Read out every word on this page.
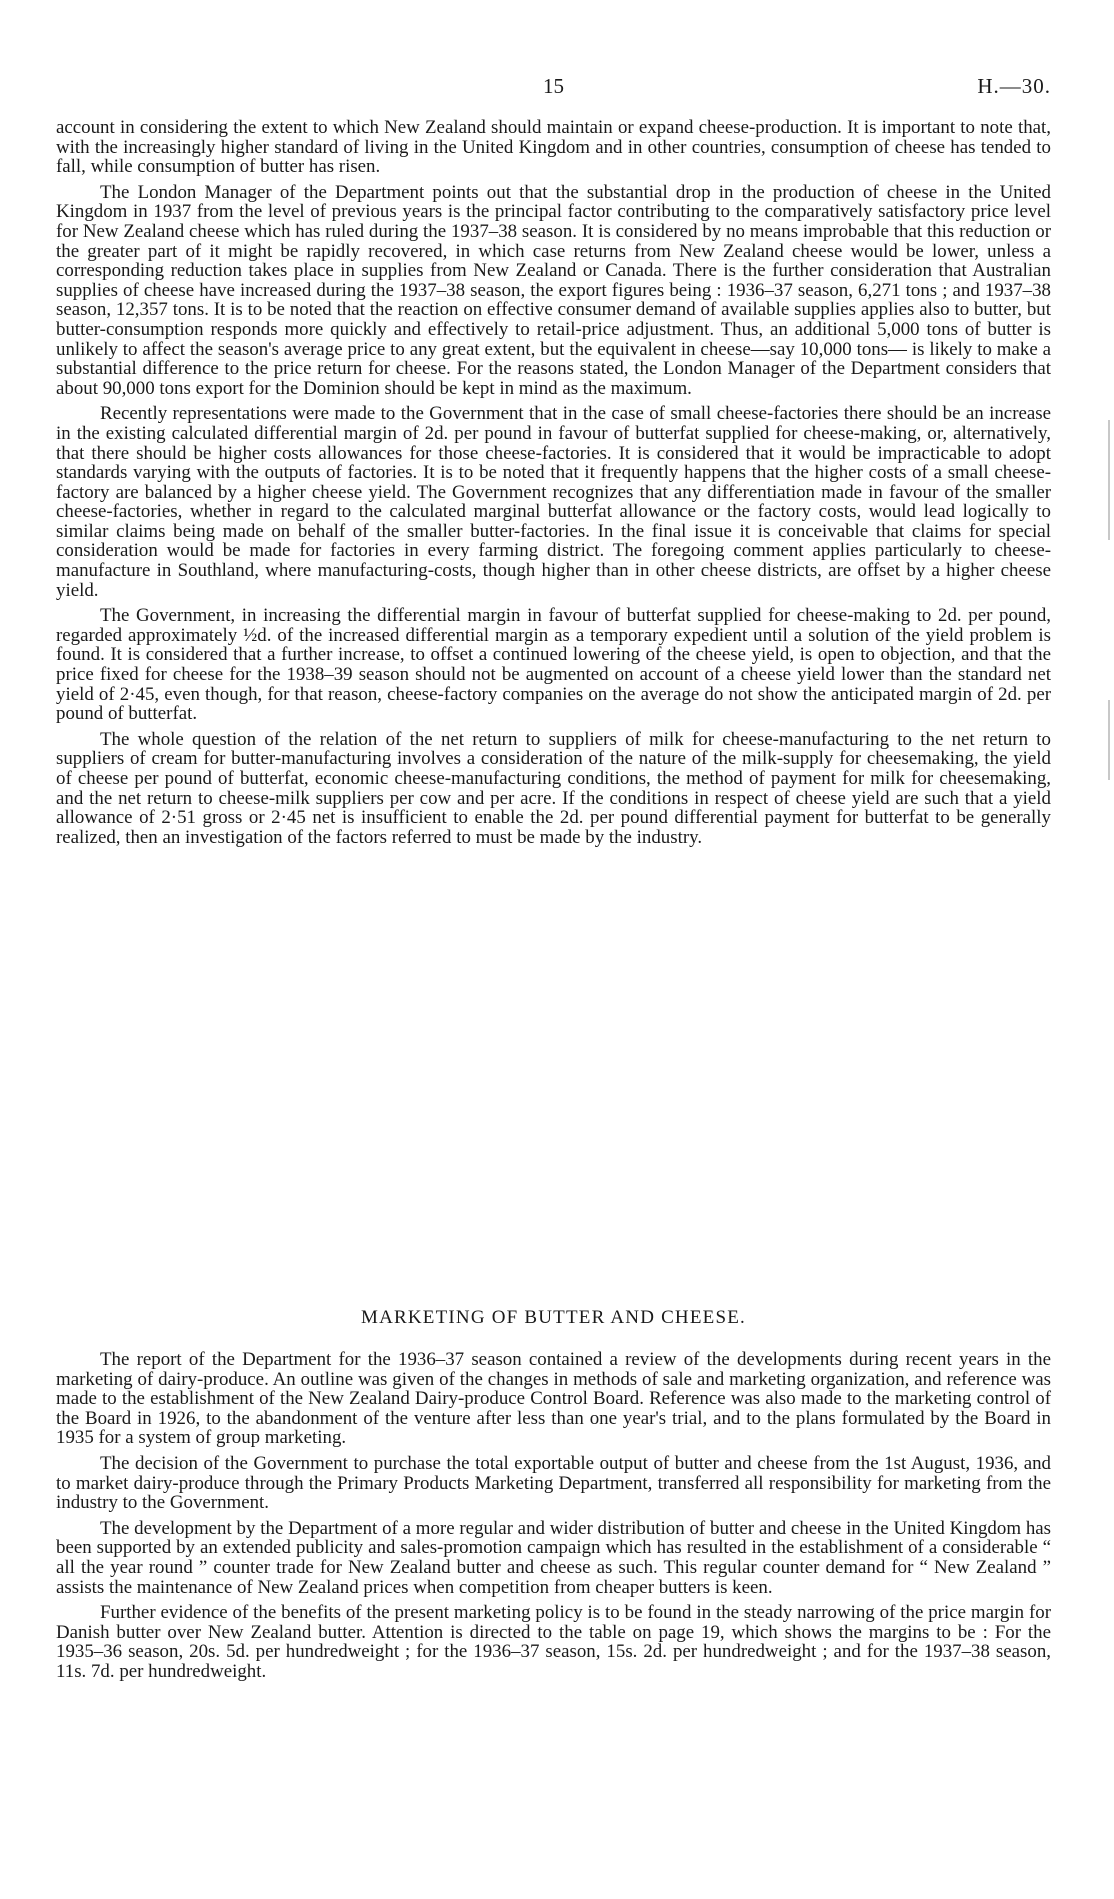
15	H.—30.

account in considering the extent to which New Zealand should maintain or expand cheese-production. It is important to note that, with the increasingly higher standard of living in the United Kingdom and in other countries, consumption of cheese has tended to fall, while consumption of butter has risen.

The London Manager of the Department points out that the substantial drop in the production of cheese in the United Kingdom in 1937 from the level of previous years is the principal factor contributing to the comparatively satisfactory price level for New Zealand cheese which has ruled during the 1937–38 season. It is considered by no means improbable that this reduction or the greater part of it might be rapidly recovered, in which case returns from New Zealand cheese would be lower, unless a corresponding reduction takes place in supplies from New Zealand or Canada. There is the further consideration that Australian supplies of cheese have increased during the 1937–38 season, the export figures being : 1936–37 season, 6,271 tons ; and 1937–38 season, 12,357 tons. It is to be noted that the reaction on effective consumer demand of available supplies applies also to butter, but butter-consumption responds more quickly and effectively to retail-price adjustment. Thus, an additional 5,000 tons of butter is unlikely to affect the season's average price to any great extent, but the equivalent in cheese—say 10,000 tons— is likely to make a substantial difference to the price return for cheese. For the reasons stated, the London Manager of the Department considers that about 90,000 tons export for the Dominion should be kept in mind as the maximum.

Recently representations were made to the Government that in the case of small cheese-factories there should be an increase in the existing calculated differential margin of 2d. per pound in favour of butterfat supplied for cheese-making, or, alternatively, that there should be higher costs allowances for those cheese-factories. It is considered that it would be impracticable to adopt standards varying with the outputs of factories. It is to be noted that it frequently happens that the higher costs of a small cheese-factory are balanced by a higher cheese yield. The Government recognizes that any differentiation made in favour of the smaller cheese-factories, whether in regard to the calculated marginal butterfat allowance or the factory costs, would lead logically to similar claims being made on behalf of the smaller butter-factories. In the final issue it is conceivable that claims for special consideration would be made for factories in every farming district. The foregoing comment applies particularly to cheese-manufacture in Southland, where manufacturing-costs, though higher than in other cheese districts, are offset by a higher cheese yield.

The Government, in increasing the differential margin in favour of butterfat supplied for cheese-making to 2d. per pound, regarded approximately ½d. of the increased differential margin as a temporary expedient until a solution of the yield problem is found. It is considered that a further increase, to offset a continued lowering of the cheese yield, is open to objection, and that the price fixed for cheese for the 1938–39 season should not be augmented on account of a cheese yield lower than the standard net yield of 2·45, even though, for that reason, cheese-factory companies on the average do not show the anticipated margin of 2d. per pound of butterfat.

The whole question of the relation of the net return to suppliers of milk for cheese-manufacturing to the net return to suppliers of cream for butter-manufacturing involves a consideration of the nature of the milk-supply for cheesemaking, the yield of cheese per pound of butterfat, economic cheese-manufacturing conditions, the method of payment for milk for cheesemaking, and the net return to cheese-milk suppliers per cow and per acre. If the conditions in respect of cheese yield are such that a yield allowance of 2·51 gross or 2·45 net is insufficient to enable the 2d. per pound differential payment for butterfat to be generally realized, then an investigation of the factors referred to must be made by the industry.

MARKETING OF BUTTER AND CHEESE.

The report of the Department for the 1936–37 season contained a review of the developments during recent years in the marketing of dairy-produce. An outline was given of the changes in methods of sale and marketing organization, and reference was made to the establishment of the New Zealand Dairy-produce Control Board. Reference was also made to the marketing control of the Board in 1926, to the abandonment of the venture after less than one year's trial, and to the plans formulated by the Board in 1935 for a system of group marketing.

The decision of the Government to purchase the total exportable output of butter and cheese from the 1st August, 1936, and to market dairy-produce through the Primary Products Marketing Department, transferred all responsibility for marketing from the industry to the Government.

The development by the Department of a more regular and wider distribution of butter and cheese in the United Kingdom has been supported by an extended publicity and sales-promotion campaign which has resulted in the establishment of a considerable “ all the year round ” counter trade for New Zealand butter and cheese as such. This regular counter demand for “ New Zealand ” assists the maintenance of New Zealand prices when competition from cheaper butters is keen.

Further evidence of the benefits of the present marketing policy is to be found in the steady narrowing of the price margin for Danish butter over New Zealand butter. Attention is directed to the table on page 19, which shows the margins to be : For the 1935–36 season, 20s. 5d. per hundredweight ; for the 1936–37 season, 15s. 2d. per hundredweight ; and for the 1937–38 season, 11s. 7d. per hundredweight.
